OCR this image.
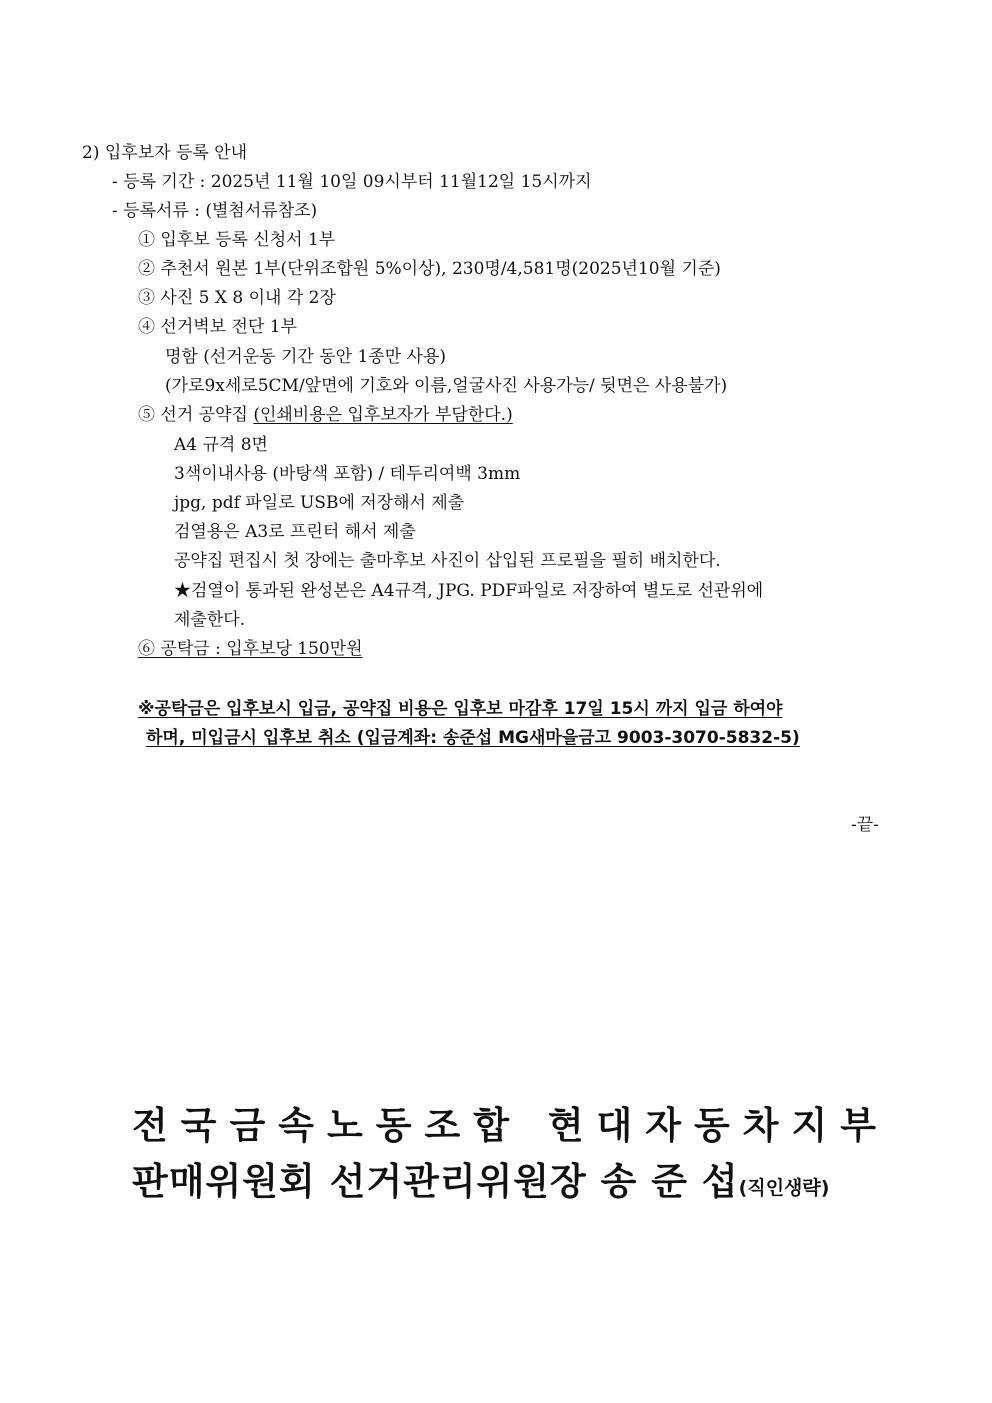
2) 입후보자 등록 안내
- 등록 기간 : 2025년 11월 10일 09시부터 11월12일 15시까지
- 등록서류 : (별첨서류참조)
① 입후보 등록 신청서 1부
② 추천서 원본 1부(단위조합원 5%이상), 230명/4,581명(2025년10월 기준)
③ 사진 5 X 8 이내 각 2장
④ 선거벽보 전단 1부
명함 (선거운동 기간 동안 1종만 사용)
(가로9x세로5CM/앞면에 기호와 이름,얼굴사진 사용가능/ 뒷면은 사용불가)
⑤ 선거 공약집 (인쇄비용은 입후보자가 부담한다.)
A4 규격 8면
3색이내사용 (바탕색 포함) / 테두리여백 3mm
jpg, pdf 파일로 USB에 저장해서 제출
검열용은 A3로 프린터 해서 제출
공약집 편집시 첫 장에는 출마후보 사진이 삽입된 프로필을 필히 배치한다.
★검열이 통과된 완성본은 A4규격, JPG. PDF파일로 저장하여 별도로 선관위에
제출한다.
⑥ 공탁금 : 입후보당 150만원
※공탁금은 입후보시 입금, 공약집 비용은 입후보 마감후 17일 15시 까지 입금 하여야
하며, 미입금시 입후보 취소 (입금계좌: 송준섭 MG새마을금고 9003-3070-5832-5)
-끝-
전국금속노동조합 현대자동차지부
판매위원회 선거관리위원장 송 준 섭(직인생략)
